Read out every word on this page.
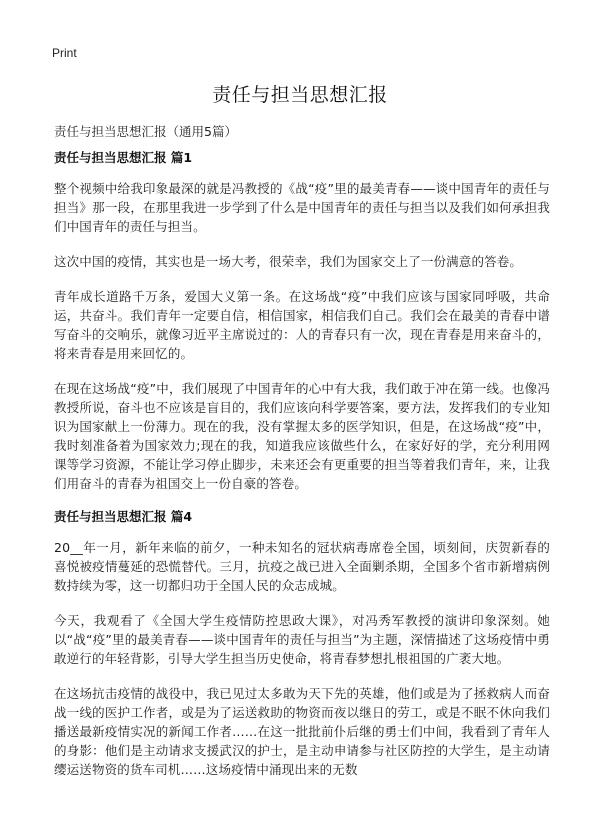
Print
责任与担当思想汇报
责任与担当思想汇报（通用5篇）
责任与担当思想汇报 篇1

整个视频中给我印象最深的就是冯教授的《战“疫”里的最美青春——谈中国青年的责任与担当》那一段，在那里我进一步学到了什么是中国青年的责任与担当以及我们如何承担我们中国青年的责任与担当。

这次中国的疫情，其实也是一场大考，很荣幸，我们为国家交上了一份满意的答卷。

青年成长道路千万条，爱国大义第一条。在这场战“疫”中我们应该与国家同呼吸，共命运，共奋斗。我们青年一定要自信，相信国家，相信我们自己。我们会在最美的青春中谱写奋斗的交响乐，就像习近平主席说过的：人的青春只有一次，现在青春是用来奋斗的，将来青春是用来回忆的。

在现在这场战“疫”中，我们展现了中国青年的心中有大我，我们敢于冲在第一线。也像冯教授所说，奋斗也不应该是盲目的，我们应该向科学要答案，要方法，发挥我们的专业知识为国家献上一份薄力。现在的我，没有掌握太多的医学知识，但是，在这场战“疫”中，我时刻准备着为国家效力;现在的我，知道我应该做些什么，在家好好的学，充分利用网课等学习资源，不能让学习停止脚步，未来还会有更重要的担当等着我们青年，来，让我们用奋斗的青春为祖国交上一份自豪的答卷。

责任与担当思想汇报 篇4

20__年一月，新年来临的前夕，一种未知名的冠状病毒席卷全国，顷刻间，庆贺新春的喜悦被疫情蔓延的恐慌替代。三月，抗疫之战已进入全面剿杀期，全国多个省市新增病例数持续为零，这一切都归功于全国人民的众志成城。

今天，我观看了《全国大学生疫情防控思政大课》，对冯秀军教授的演讲印象深刻。她以“战“疫”里的最美青春——谈中国青年的责任与担当”为主题，深情描述了这场疫情中勇敢逆行的年轻背影，引导大学生担当历史使命，将青春梦想扎根祖国的广袤大地。

在这场抗击疫情的战役中，我已见过太多敢为天下先的英雄，他们或是为了拯救病人而奋战一线的医护工作者，或是为了运送救助的物资而夜以继日的劳工，或是不眠不休向我们播送最新疫情实况的新闻工作者……在这一批批前仆后继的勇士们中间，我看到了青年人的身影：他们是主动请求支援武汉的护士，是主动申请参与社区防控的大学生，是主动请缨运送物资的货车司机……这场疫情中涌现出来的无数
